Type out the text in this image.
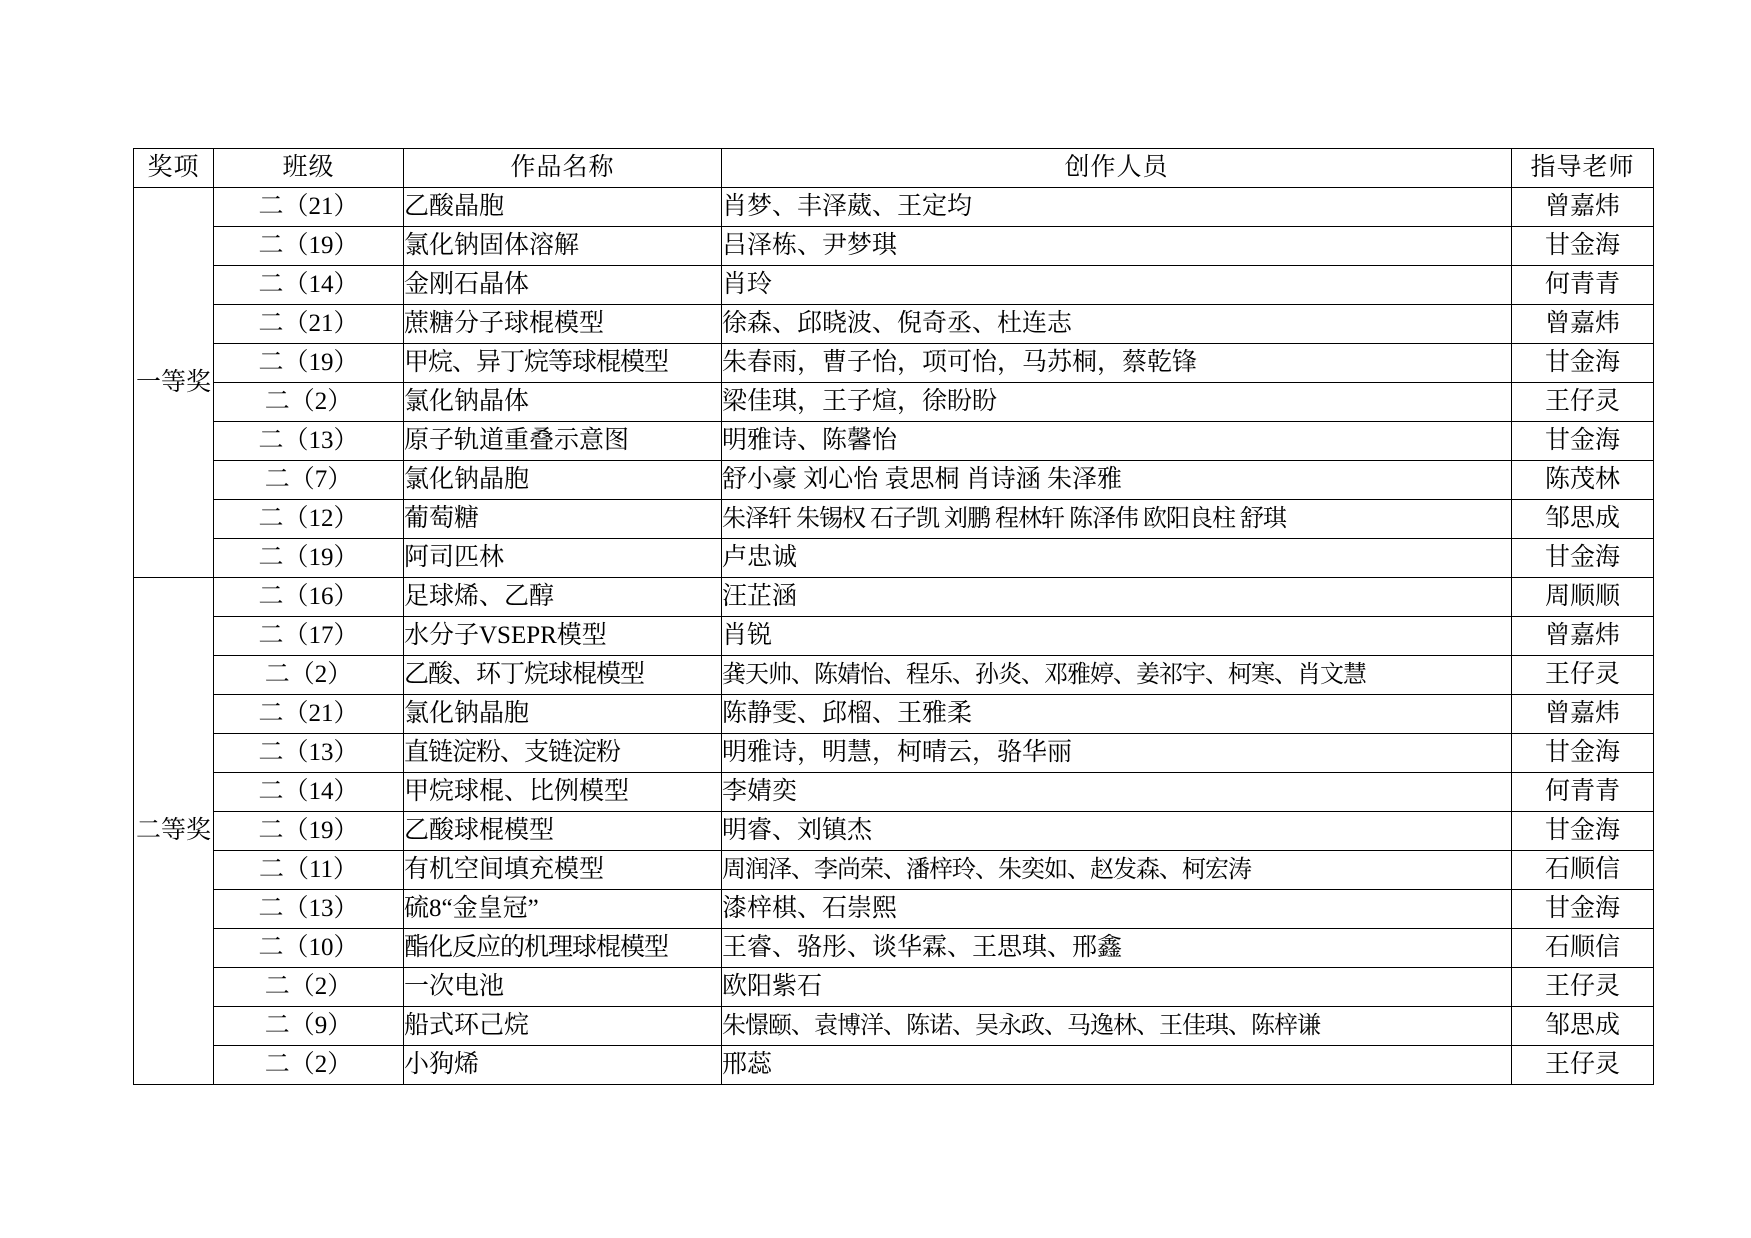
奖项	班级	作品名称	创作人员	指导老师
一等奖	二（21）	乙酸晶胞	肖梦、丰泽葳、王定均	曾嘉炜
	二（19）	氯化钠固体溶解	吕泽栋、尹梦琪	甘金海
	二（14）	金刚石晶体	肖玲	何青青
	二（21）	蔗糖分子球棍模型	徐森、邱晓波、倪奇丞、杜连志	曾嘉炜
	二（19）	甲烷、异丁烷等球棍模型	朱春雨，曹子怡，项可怡，马苏桐，蔡乾锋	甘金海
	二（2）	氯化钠晶体	梁佳琪，王子煊，徐盼盼	王仔灵
	二（13）	原子轨道重叠示意图	明雅诗、陈馨怡	甘金海
	二（7）	氯化钠晶胞	舒小豪 刘心怡 袁思桐 肖诗涵 朱泽雅	陈茂林
	二（12）	葡萄糖	朱泽轩 朱锡权 石子凯 刘鹏 程林轩 陈泽伟 欧阳良柱 舒琪	邹思成
	二（19）	阿司匹林	卢忠诚	甘金海
二等奖	二（16）	足球烯、乙醇	汪芷涵	周顺顺
	二（17）	水分子VSEPR模型	肖锐	曾嘉炜
	二（2）	乙酸、环丁烷球棍模型	龚天帅、陈婧怡、程乐、孙炎、邓雅婷、姜祁宇、柯寒、肖文慧	王仔灵
	二（21）	氯化钠晶胞	陈静雯、邱榴、王雅柔	曾嘉炜
	二（13）	直链淀粉、支链淀粉	明雅诗，明慧，柯晴云，骆华丽	甘金海
	二（14）	甲烷球棍、比例模型	李婧奕	何青青
	二（19）	乙酸球棍模型	明睿、刘镇杰	甘金海
	二（11）	有机空间填充模型	周润泽、李尚荣、潘梓玲、朱奕如、赵发森、柯宏涛	石顺信
	二（13）	硫8“金皇冠”	漆梓棋、石崇熙	甘金海
	二（10）	酯化反应的机理球棍模型	王睿、骆彤、谈华霖、王思琪、邢鑫	石顺信
	二（2）	一次电池	欧阳紫石	王仔灵
	二（9）	船式环己烷	朱憬颐、袁博洋、陈诺、吴永政、马逸林、王佳琪、陈梓谦	邹思成
	二（2）	小狗烯	邢蕊	王仔灵
